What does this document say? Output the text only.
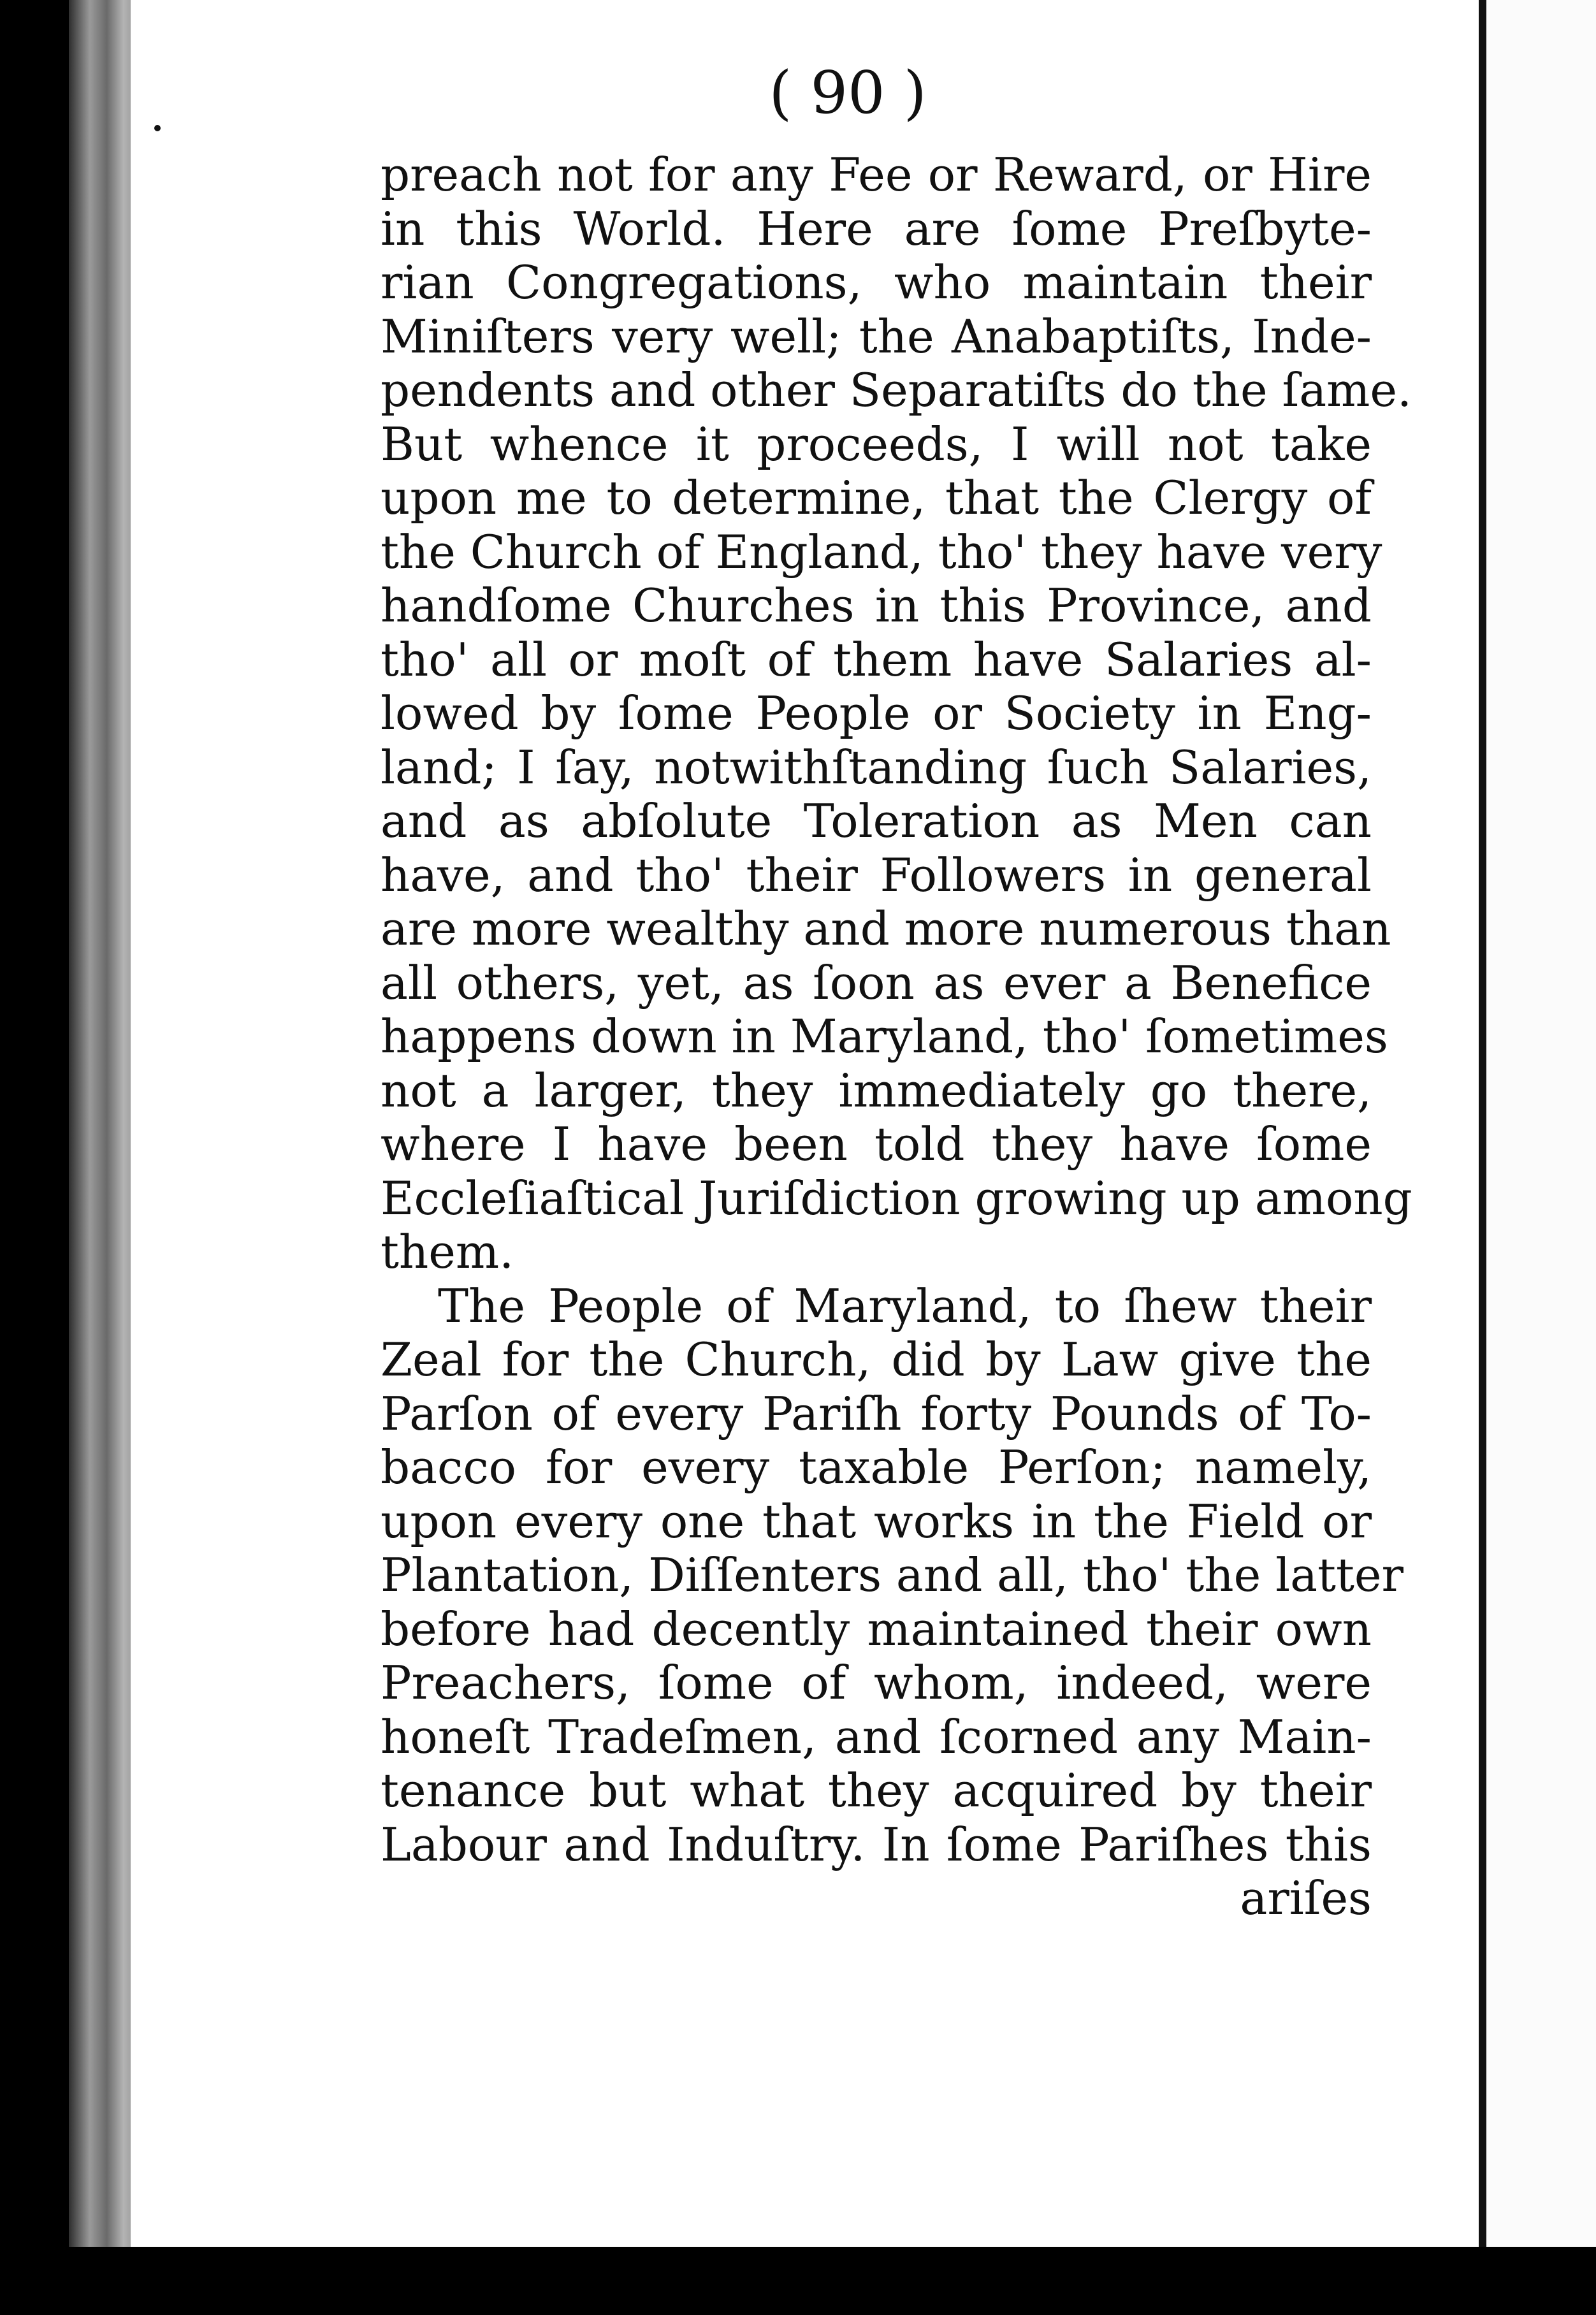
( 90 )
preach not for any Fee or Reward, or Hire
in this World. Here are ſome Preſbyte-
rian Congregations, who maintain their
Miniſters very well; the Anabaptiſts, Inde-
pendents and other Separatiſts do the ſame.
But whence it proceeds, I will not take
upon me to determine, that the Clergy of
the Church of England, tho' they have very
handſome Churches in this Province, and
tho' all or moſt of them have Salaries al-
lowed by ſome People or Society in Eng-
land; I ſay, notwithſtanding ſuch Salaries,
and as abſolute Toleration as Men can
have, and tho' their Followers in general
are more wealthy and more numerous than
all others, yet, as ſoon as ever a Benefice
happens down in Maryland, tho' ſometimes
not a larger, they immediately go there,
where I have been told they have ſome
Eccleſiaſtical Juriſdiction growing up among
them.
The People of Maryland, to ſhew their
Zeal for the Church, did by Law give the
Parſon of every Pariſh forty Pounds of To-
bacco for every taxable Perſon; namely,
upon every one that works in the Field or
Plantation, Diſſenters and all, tho' the latter
before had decently maintained their own
Preachers, ſome of whom, indeed, were
honeſt Tradeſmen, and ſcorned any Main-
tenance but what they acquired by their
Labour and Induſtry. In ſome Pariſhes this
ariſes
